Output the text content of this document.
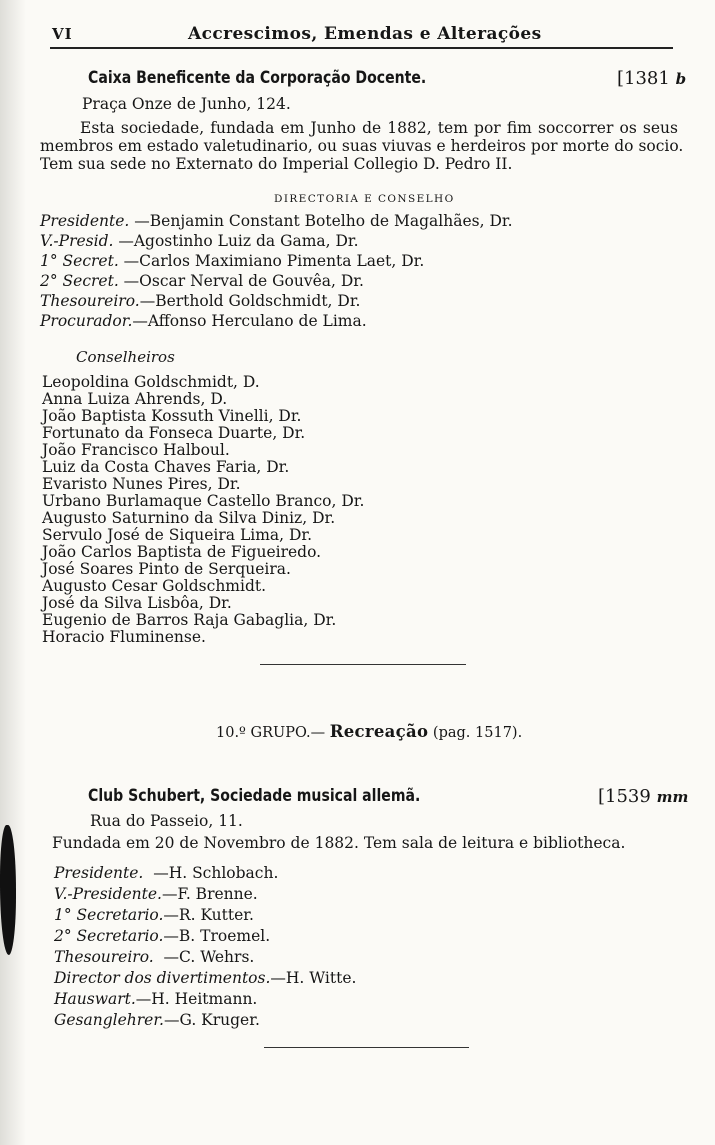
VI	Accrescimos, Emendas e Alterações
Caixa Beneficente da Corporação Docente.	[1381 b
Praça Onze de Junho, 124.
Esta sociedade, fundada em Junho de 1882, tem por fim soccorrer os seus
membros em estado valetudinario, ou suas viuvas e herdeiros por morte do socio.
Tem sua sede no Externato do Imperial Collegio D. Pedro II.
DIRECTORIA E CONSELHO
Presidente. —Benjamin Constant Botelho de Magalhães, Dr.
V.-Presid. —Agostinho Luiz da Gama, Dr.
1° Secret. —Carlos Maximiano Pimenta Laet, Dr.
2° Secret. —Oscar Nerval de Gouvêa, Dr.
Thesoureiro.—Berthold Goldschmidt, Dr.
Procurador.—Affonso Herculano de Lima.
Conselheiros
Leopoldina Goldschmidt, D.
Anna Luiza Ahrends, D.
João Baptista Kossuth Vinelli, Dr.
Fortunato da Fonseca Duarte, Dr.
João Francisco Halboul.
Luiz da Costa Chaves Faria, Dr.
Evaristo Nunes Pires, Dr.
Urbano Burlamaque Castello Branco, Dr.
Augusto Saturnino da Silva Diniz, Dr.
Servulo José de Siqueira Lima, Dr.
João Carlos Baptista de Figueiredo.
José Soares Pinto de Serqueira.
Augusto Cesar Goldschmidt.
José da Silva Lisbôa, Dr.
Eugenio de Barros Raja Gabaglia, Dr.
Horacio Fluminense.
10.º GRUPO.— Recreação (pag. 1517).
Club Schubert, Sociedade musical allemã.	[1539 mm
Rua do Passeio, 11.
Fundada em 20 de Novembro de 1882. Tem sala de leitura e bibliotheca.
Presidente.  —H. Schlobach.
V.-Presidente.—F. Brenne.
1° Secretario.—R. Kutter.
2° Secretario.—B. Troemel.
Thesoureiro.  —C. Wehrs.
Director dos divertimentos.—H. Witte.
Hauswart.—H. Heitmann.
Gesanglehrer.—G. Kruger.
